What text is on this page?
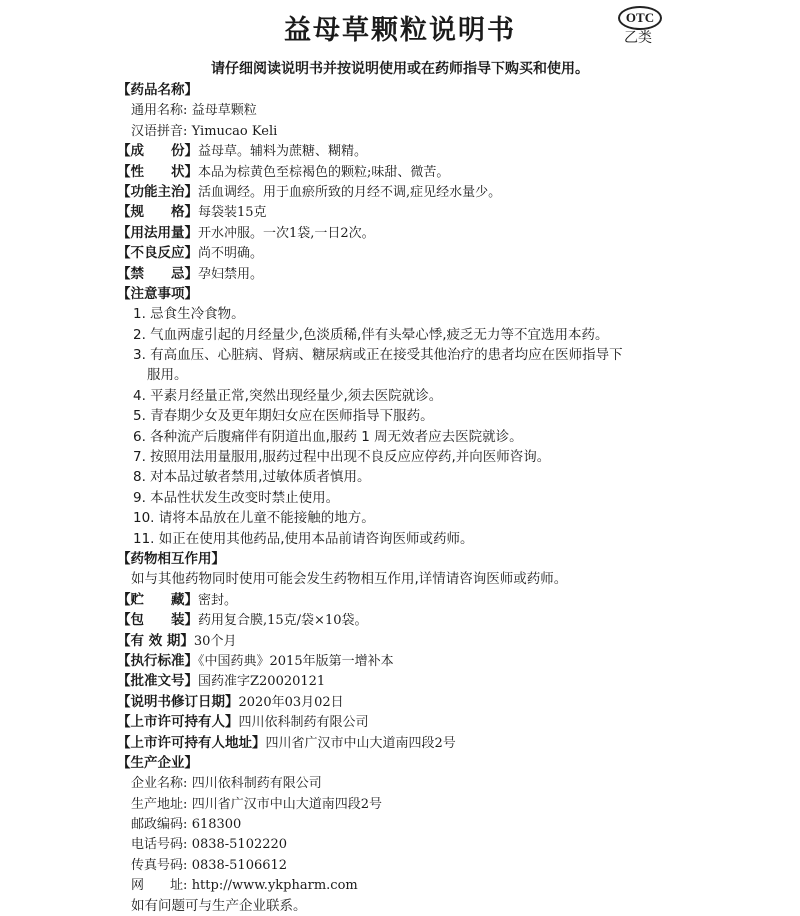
益母草颗粒说明书	OTC
乙类
请仔细阅读说明书并按说明使用或在药师指导下购买和使用。
【药品名称】
通用名称: 益母草颗粒
汉语拼音: Yimucao Keli
【成　　份】益母草。辅料为蔗糖、糊精。
【性　　状】本品为棕黄色至棕褐色的颗粒;味甜、微苦。
【功能主治】活血调经。用于血瘀所致的月经不调,症见经水量少。
【规　　格】每袋装15克
【用法用量】开水冲服。一次1袋,一日2次。
【不良反应】尚不明确。
【禁　　忌】孕妇禁用。
【注意事项】
1. 忌食生冷食物。
2. 气血两虚引起的月经量少,色淡质稀,伴有头晕心悸,疲乏无力等不宜选用本药。
3. 有高血压、心脏病、肾病、糖尿病或正在接受其他治疗的患者均应在医师指导下
服用。
4. 平素月经量正常,突然出现经量少,须去医院就诊。
5. 青春期少女及更年期妇女应在医师指导下服药。
6. 各种流产后腹痛伴有阴道出血,服药 1 周无效者应去医院就诊。
7. 按照用法用量服用,服药过程中出现不良反应应停药,并向医师咨询。
8. 对本品过敏者禁用,过敏体质者慎用。
9. 本品性状发生改变时禁止使用。
10. 请将本品放在儿童不能接触的地方。
11. 如正在使用其他药品,使用本品前请咨询医师或药师。
【药物相互作用】
如与其他药物同时使用可能会发生药物相互作用,详情请咨询医师或药师。
【贮　　藏】密封。
【包　　装】药用复合膜,15克/袋×10袋。
【有 效 期】30个月
【执行标准】《中国药典》2015年版第一增补本
【批准文号】国药准字Z20020121
【说明书修订日期】2020年03月02日
【上市许可持有人】四川依科制药有限公司
【上市许可持有人地址】四川省广汉市中山大道南四段2号
【生产企业】
企业名称: 四川依科制药有限公司
生产地址: 四川省广汉市中山大道南四段2号
邮政编码: 618300
电话号码: 0838-5102220
传真号码: 0838-5106612
网　　址: http://www.ykpharm.com
如有问题可与生产企业联系。
